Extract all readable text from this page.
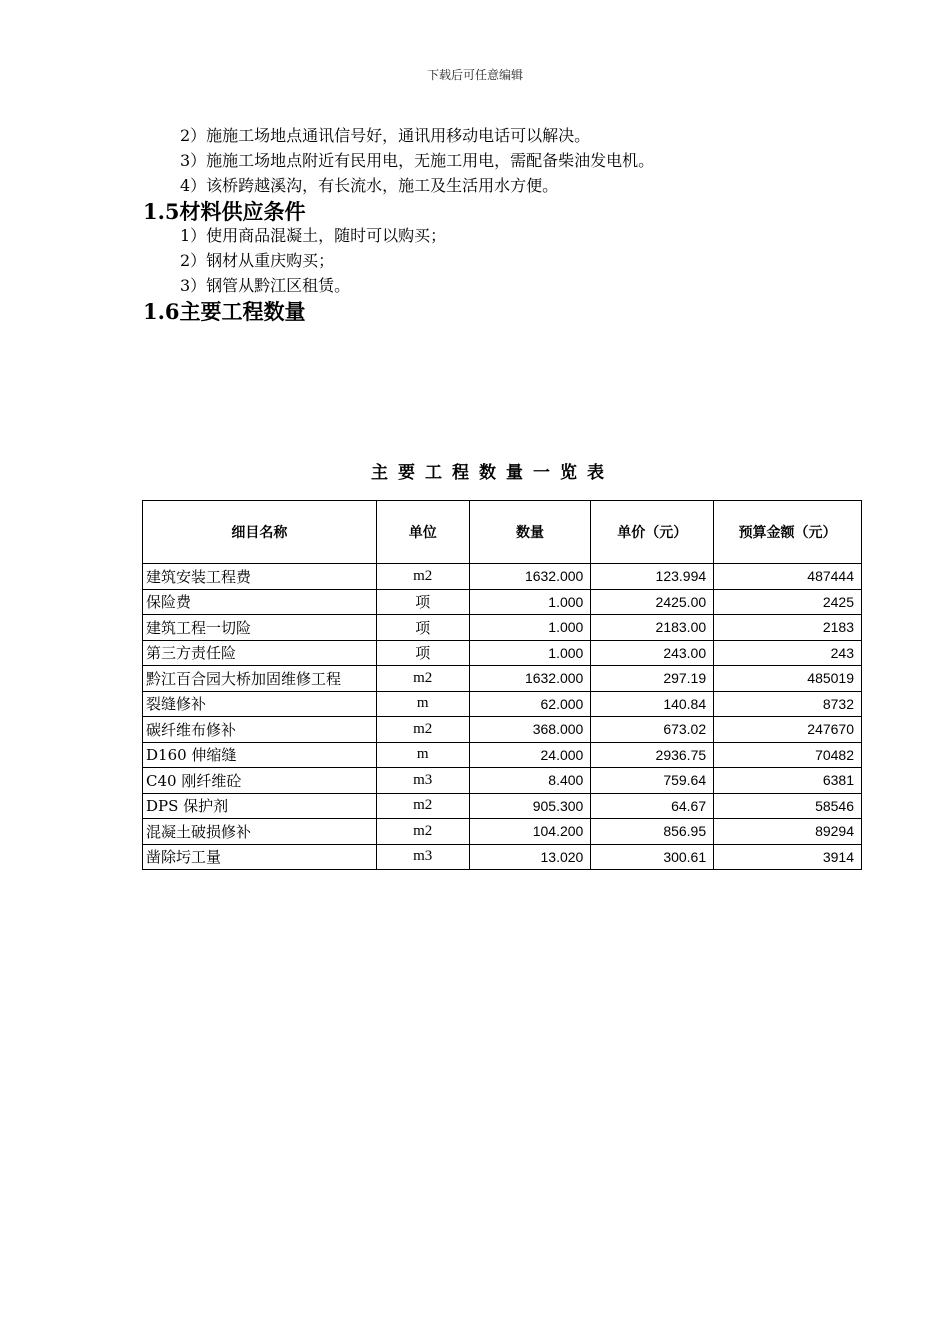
下载后可任意编辑
2）施施工场地点通讯信号好，通讯用移动电话可以解决。
3）施施工场地点附近有民用电，无施工用电，需配备柴油发电机。
4）该桥跨越溪沟，有长流水，施工及生活用水方便。
1.5材料供应条件
1）使用商品混凝土，随时可以购买；
2）钢材从重庆购买；
3）钢管从黔江区租赁。
1.6主要工程数量
主要工程数量一览表
细目名称	单位	数量	单价（元）	预算金额（元）
建筑安装工程费	m2	1632.000	123.994	487444
保险费	项	1.000	2425.00	2425
建筑工程一切险	项	1.000	2183.00	2183
第三方责任险	项	1.000	243.00	243
黔江百合园大桥加固维修工程	m2	1632.000	297.19	485019
裂缝修补	m	62.000	140.84	8732
碳纤维布修补	m2	368.000	673.02	247670
D160 伸缩缝	m	24.000	2936.75	70482
C40 刚纤维砼	m3	8.400	759.64	6381
DPS 保护剂	m2	905.300	64.67	58546
混凝土破损修补	m2	104.200	856.95	89294
凿除圬工量	m3	13.020	300.61	3914
